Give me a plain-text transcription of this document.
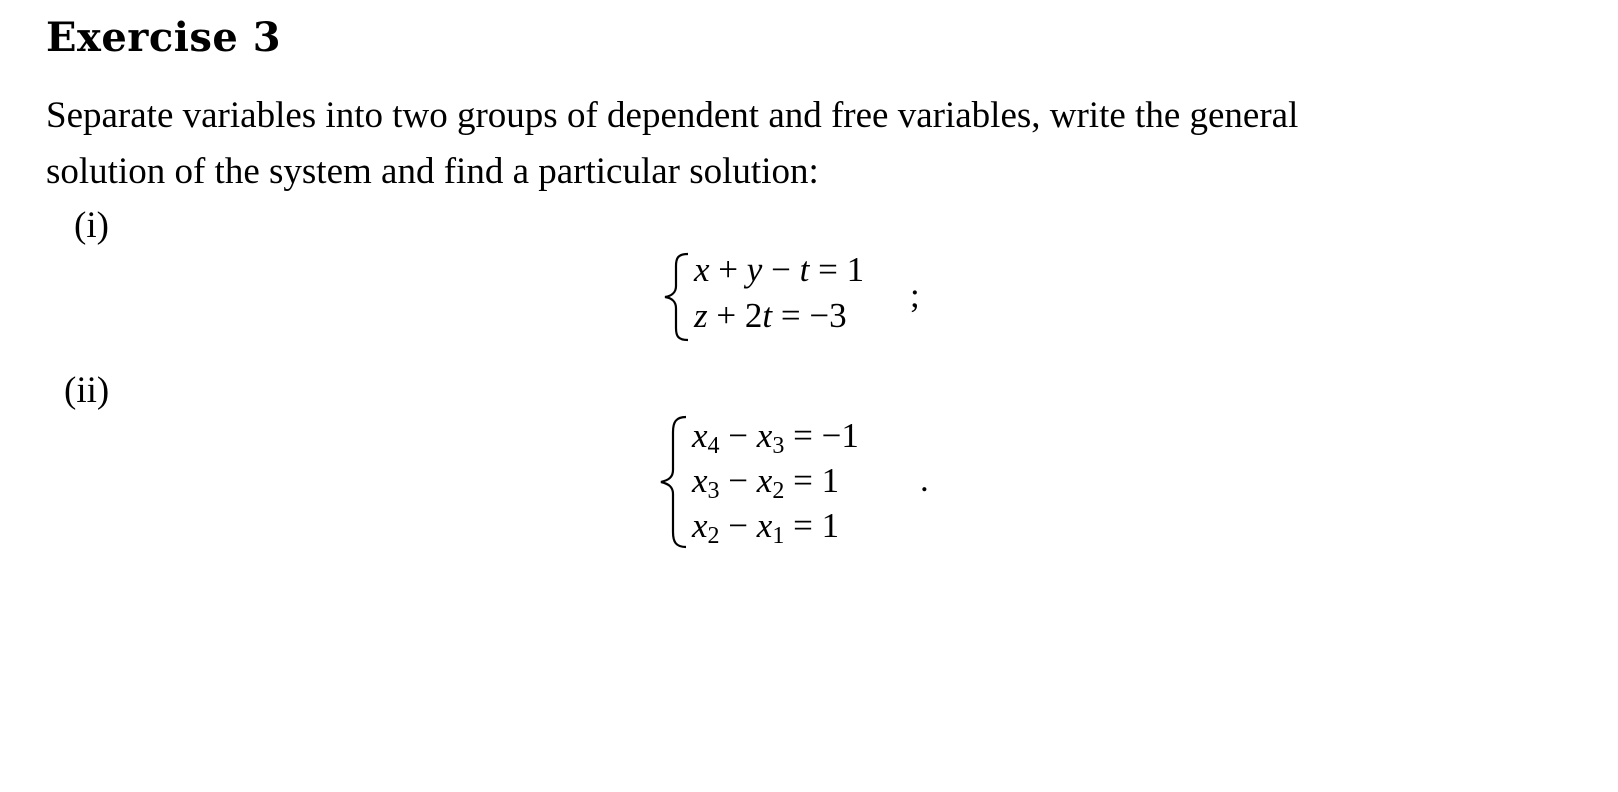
Exercise 3
Separate variables into two groups of dependent and free variables, write the general
solution of the system and find a particular solution:
(i)
x + y − t = 1
z + 2t = −3
;
(ii)
$x_4 - x_3 = -1$
$x_3 - x_2 = 1$
$x_2 - x_1 = 1$
.
